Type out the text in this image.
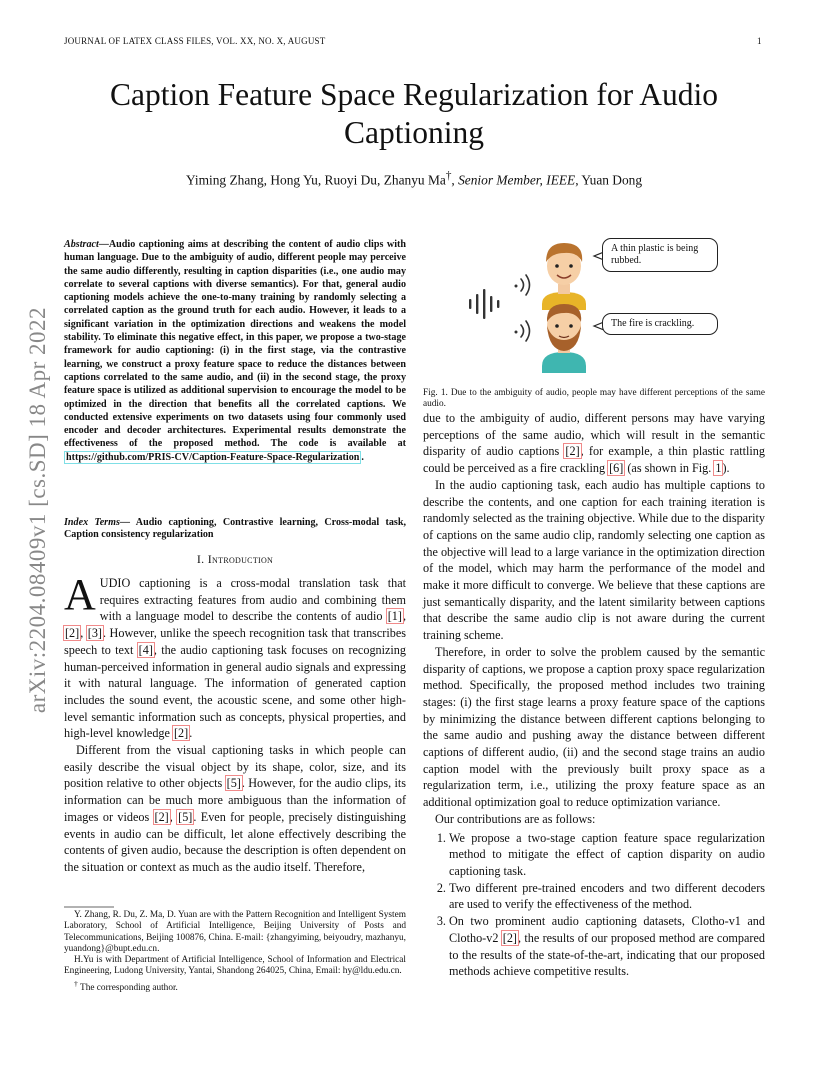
JOURNAL OF LATEX CLASS FILES, VOL. XX, NO. X, AUGUST	1
arXiv:2204.08409v1 [cs.SD] 18 Apr 2022
Caption Feature Space Regularization for Audio Captioning
Yiming Zhang, Hong Yu, Ruoyi Du, Zhanyu Ma†, Senior Member, IEEE, Yuan Dong
Abstract—Audio captioning aims at describing the content of audio clips with human language. Due to the ambiguity of audio, different people may perceive the same audio differently, resulting in caption disparities (i.e., one audio may correlate to several captions with diverse semantics). For that, general audio captioning models achieve the one-to-many training by randomly selecting a correlated caption as the ground truth for each audio. However, it leads to a significant variation in the optimization directions and weakens the model stability. To eliminate this negative effect, in this paper, we propose a two-stage framework for audio captioning: (i) in the first stage, via the contrastive learning, we construct a proxy feature space to reduce the distances between captions correlated to the same audio, and (ii) in the second stage, the proxy feature space is utilized as additional supervision to encourage the model to be optimized in the direction that benefits all the correlated captions. We conducted extensive experiments on two datasets using four commonly used encoder and decoder architectures. Experimental results demonstrate the effectiveness of the proposed method. The code is available at https://github.com/PRIS-CV/Caption-Feature-Space-Regularization .
Index Terms— Audio captioning, Contrastive learning, Cross-modal task, Caption consistency regularization
I. Introduction

AUDIO captioning is a cross-modal translation task that requires extracting features from audio and combining them with a language model to describe the contents of audio [1], [2], [3]. However, unlike the speech recognition task that transcribes speech to text [4], the audio captioning task focuses on recognizing human-perceived information in general audio signals and expressing it with natural language. The information of generated caption includes the sound event, the acoustic scene, and some other high-level semantic information such as concepts, physical properties, and high-level knowledge [2].

Different from the visual captioning tasks in which people can easily describe the visual object by its shape, color, size, and its position relative to other objects [5]. However, for the audio clips, its information can be much more ambiguous than the information of images or videos [2], [5]. Even for people, precisely distinguishing events in audio can be difficult, let alone effectively describing the contents of given audio, because the description is often dependent on the situation or context as much as the audio itself. Therefore,

Y. Zhang, R. Du, Z. Ma, D. Yuan are with the Pattern Recognition and Intelligent System Laboratory, School of Artificial Intelligence, Beijing University of Posts and Telecommunications, Beijing 100876, China. E-mail: {zhangyiming, beiyoudry, mazhanyu, yuandong}@bupt.edu.cn.

H.Yu is with Department of Artificial Intelligence, School of Information and Electrical Engineering, Ludong University, Yantai, Shandong 264025, China, Email: hy@ldu.edu.cn.

† The corresponding author.

A thin plastic is being rubbed.
The fire is crackling.
Fig. 1. Due to the ambiguity of audio, people may have different perceptions of the same audio.

due to the ambiguity of audio, different persons may have varying perceptions of the same audio, which will result in the semantic disparity of audio captions [2], for example, a thin plastic rattling could be perceived as a fire crackling [6] (as shown in Fig. 1).

In the audio captioning task, each audio has multiple captions to describe the contents, and one caption for each training iteration is randomly selected as the training objective. While due to the disparity of captions on the same audio clip, randomly selecting one caption as the objective will lead to a large variance in the optimization direction of the model, which may harm the performance of the model and make it more difficult to converge. We believe that these captions are just semantically disparity, and the latent similarity between captions that describe the same audio clip is not aware during the current training scheme.

Therefore, in order to solve the problem caused by the semantic disparity of captions, we propose a caption proxy space regularization method. Specifically, the proposed method includes two training stages: (i) the first stage learns a proxy feature space of the captions by minimizing the distance between different captions belonging to the same audio and pushing away the distance between different captions of different audio, (ii) and the second stage trains an audio caption model with the previously built proxy space as a regularization term, i.e., utilizing the proxy feature space as an additional optimization goal to reduce optimization variance.

Our contributions are as follows:

1. We propose a two-stage caption feature space regularization method to mitigate the effect of caption disparity on audio captioning task.
2. Two different pre-trained encoders and two different decoders are used to verify the effectiveness of the method.
3. On two prominent audio captioning datasets, Clotho-v1 and Clotho-v2 [2], the results of our proposed method are compared to the results of the state-of-the-art, indicating that our proposed methods achieve competitive results.
